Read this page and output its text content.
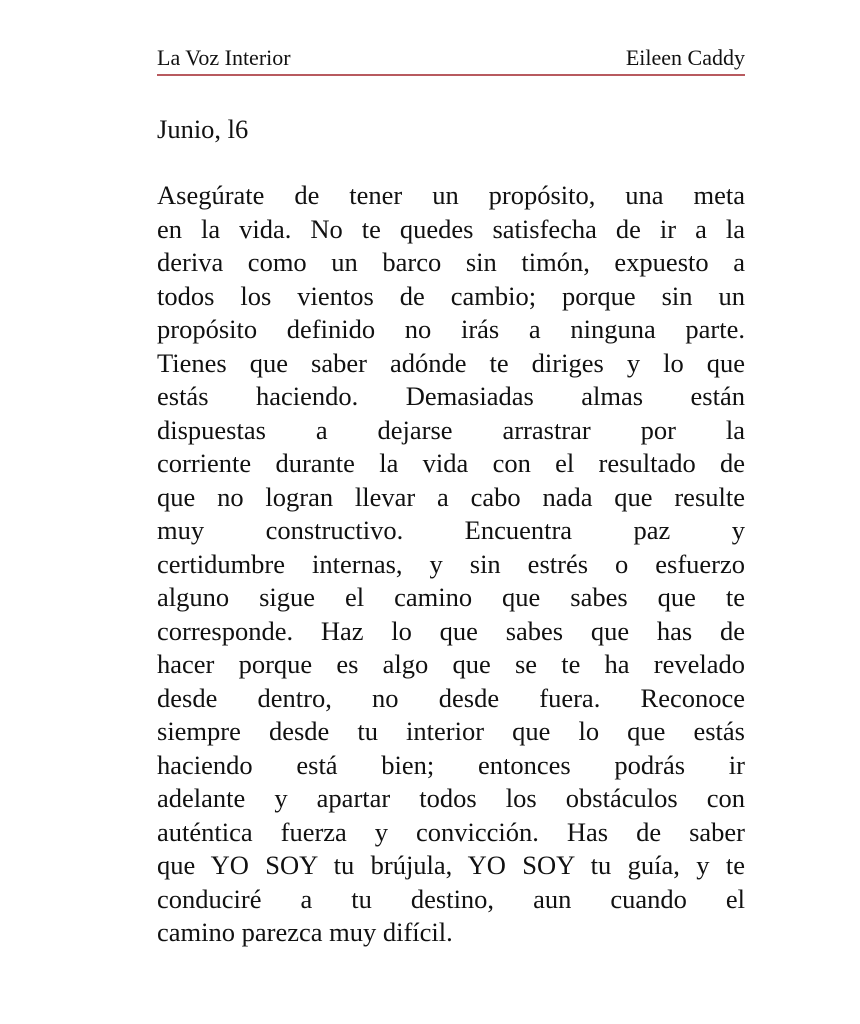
La Voz Interior	Eileen Caddy
Junio, l6
Asegúrate de tener un propósito, una meta
en la vida. No te quedes satisfecha de ir a la
deriva como un barco sin timón, expuesto a
todos los vientos de cambio; porque sin un
propósito definido no irás a ninguna parte.
Tienes que saber adónde te diriges y lo que
estás haciendo. Demasiadas almas están
dispuestas a dejarse arrastrar por la
corriente durante la vida con el resultado de
que no logran llevar a cabo nada que resulte
muy constructivo. Encuentra paz y
certidumbre internas, y sin estrés o esfuerzo
alguno sigue el camino que sabes que te
corresponde. Haz lo que sabes que has de
hacer porque es algo que se te ha revelado
desde dentro, no desde fuera. Reconoce
siempre desde tu interior que lo que estás
haciendo está bien; entonces podrás ir
adelante y apartar todos los obstáculos con
auténtica fuerza y convicción. Has de saber
que YO SOY tu brújula, YO SOY tu guía, y te
conduciré a tu destino, aun cuando el
camino parezca muy difícil.
